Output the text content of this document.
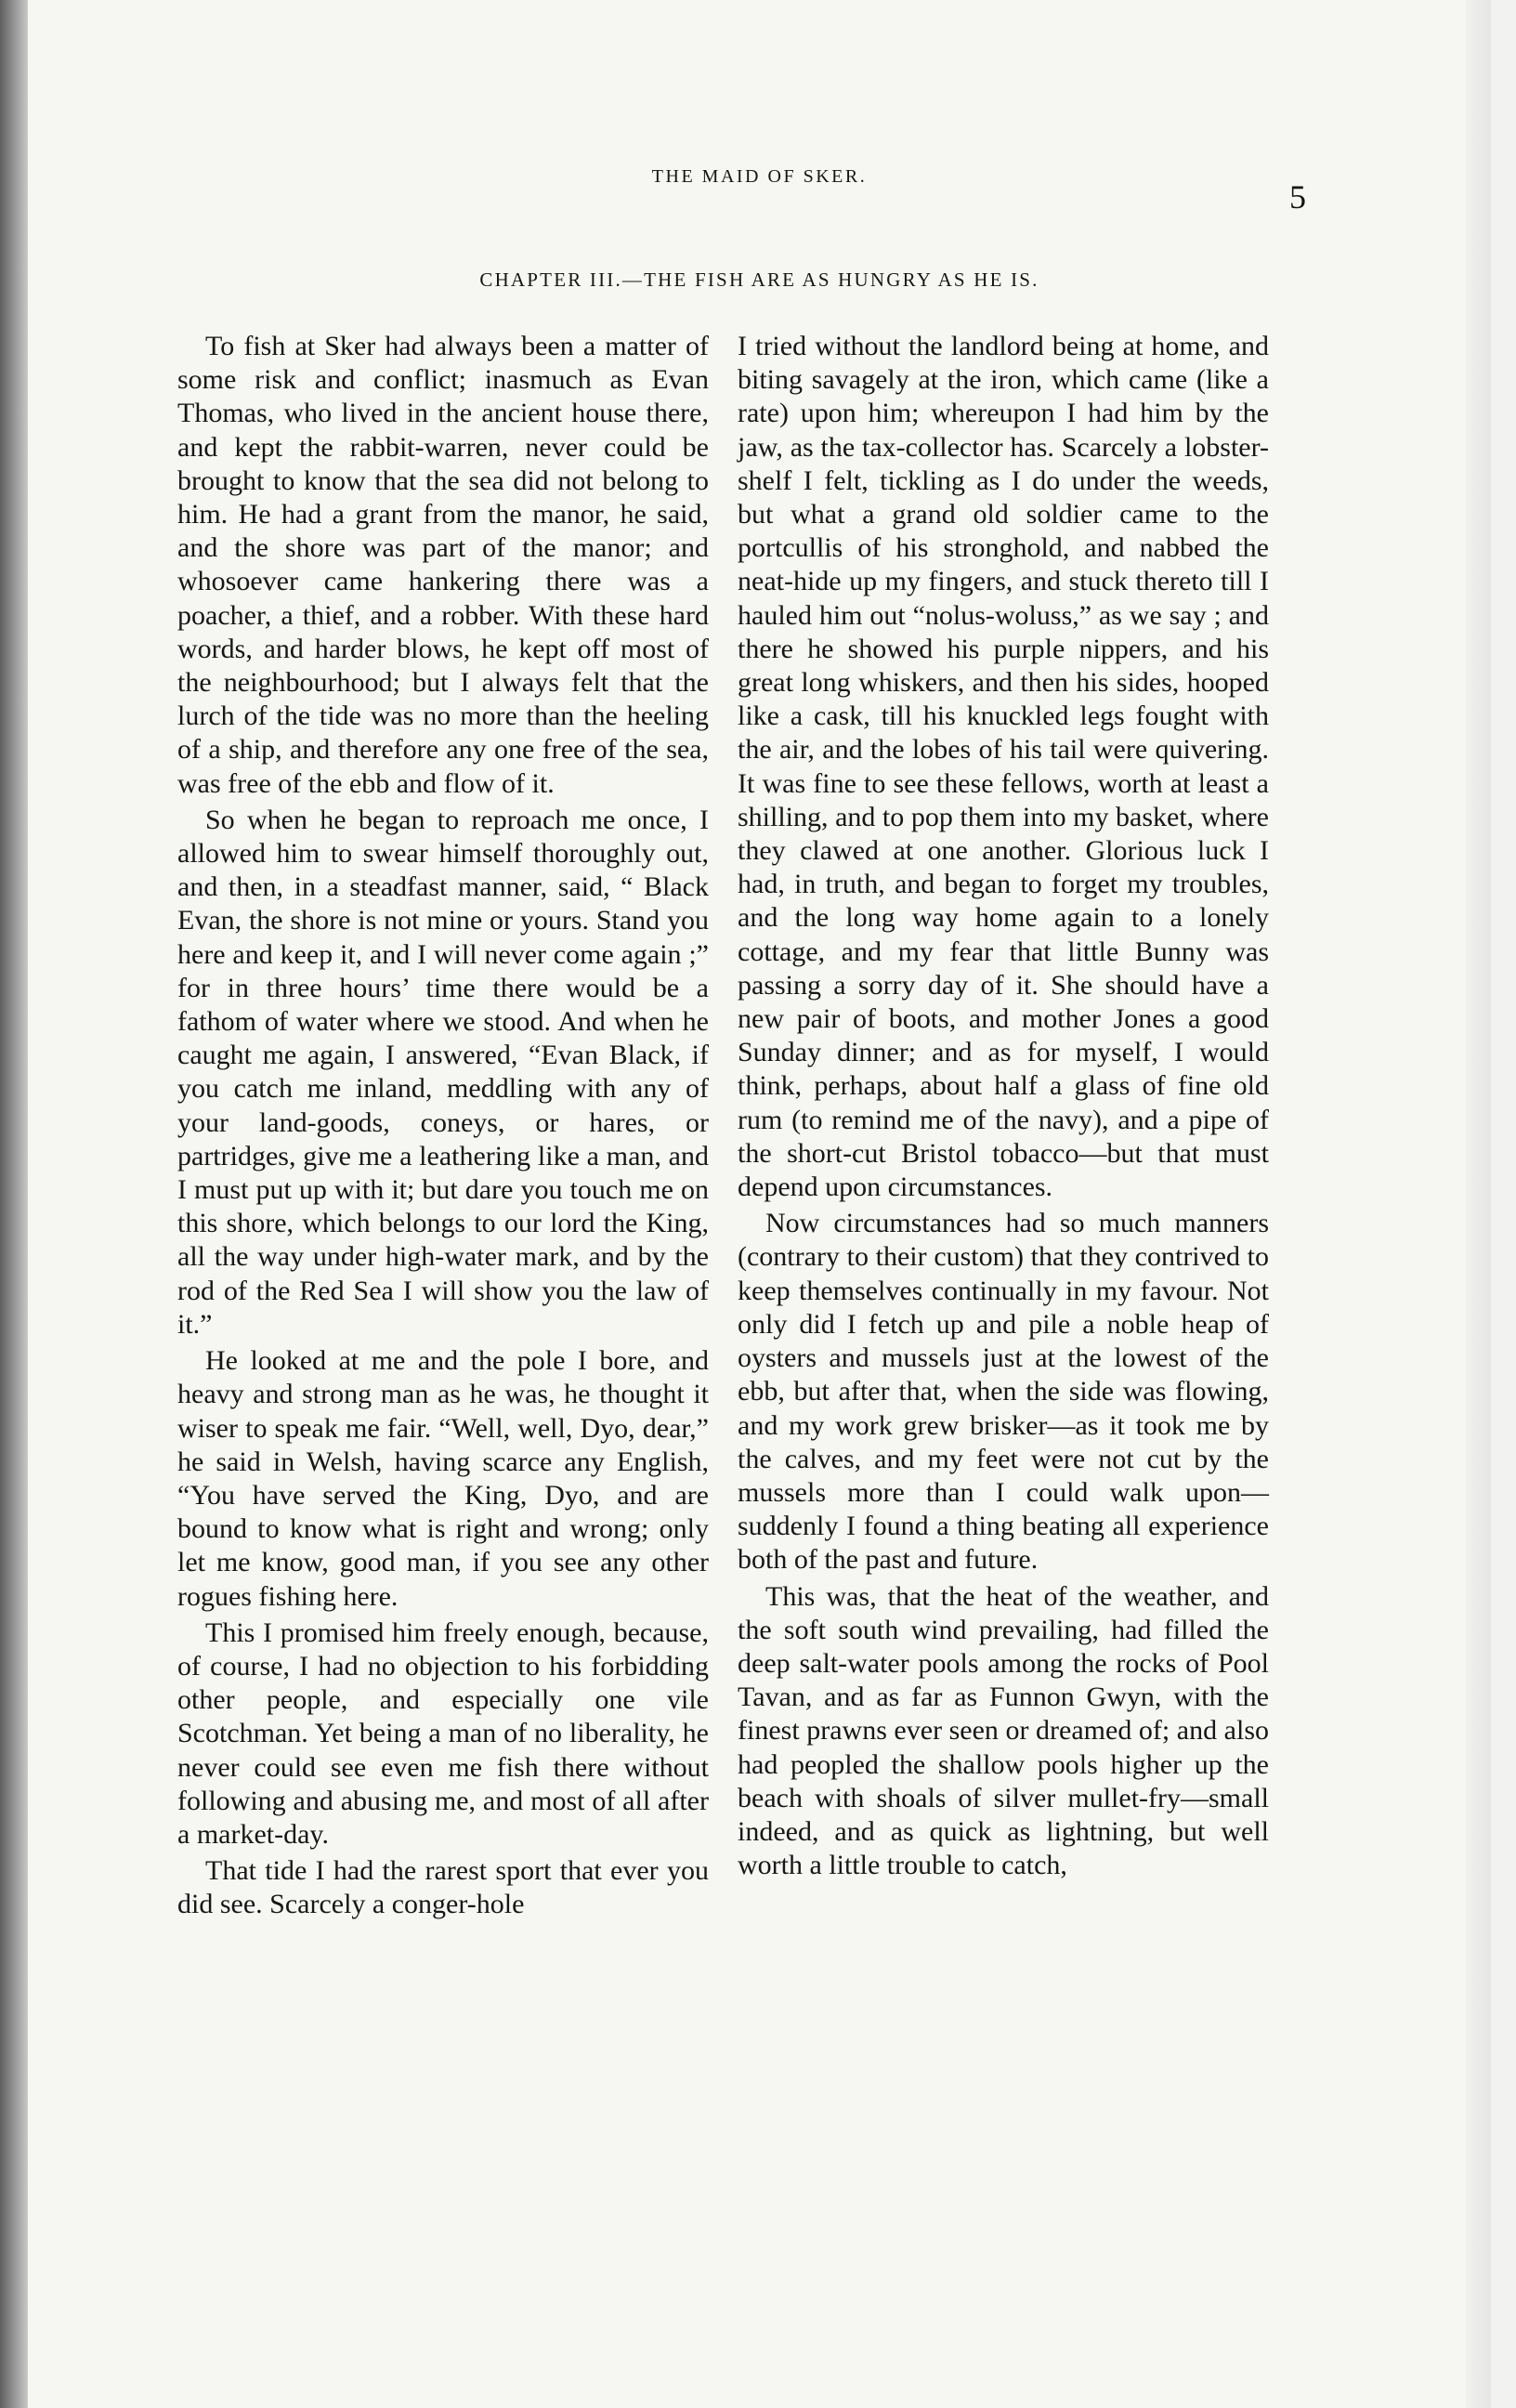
THE MAID OF SKER.
5
CHAPTER III.—THE FISH ARE AS HUNGRY AS HE IS.

To fish at Sker had always been a matter of some risk and conflict; inasmuch as Evan Thomas, who lived in the ancient house there, and kept the rabbit-warren, never could be brought to know that the sea did not belong to him. He had a grant from the manor, he said, and the shore was part of the manor; and whosoever came hankering there was a poacher, a thief, and a robber. With these hard words, and harder blows, he kept off most of the neighbourhood; but I always felt that the lurch of the tide was no more than the heeling of a ship, and therefore any one free of the sea, was free of the ebb and flow of it.

So when he began to reproach me once, I allowed him to swear himself thoroughly out, and then, in a steadfast manner, said, “ Black Evan, the shore is not mine or yours. Stand you here and keep it, and I will never come again ;” for in three hours’ time there would be a fathom of water where we stood. And when he caught me again, I answered, “Evan Black, if you catch me inland, meddling with any of your land-goods, coneys, or hares, or partridges, give me a leathering like a man, and I must put up with it; but dare you touch me on this shore, which belongs to our lord the King, all the way under high-water mark, and by the rod of the Red Sea I will show you the law of it.”

He looked at me and the pole I bore, and heavy and strong man as he was, he thought it wiser to speak me fair. “Well, well, Dyo, dear,” he said in Welsh, having scarce any English, “You have served the King, Dyo, and are bound to know what is right and wrong; only let me know, good man, if you see any other rogues fishing here.

This I promised him freely enough, because, of course, I had no objection to his forbidding other people, and especially one vile Scotchman. Yet being a man of no liberality, he never could see even me fish there without following and abusing me, and most of all after a market-day.

That tide I had the rarest sport that ever you did see. Scarcely a conger-hole

I tried without the landlord being at home, and biting savagely at the iron, which came (like a rate) upon him; whereupon I had him by the jaw, as the tax-collector has. Scarcely a lobster-shelf I felt, tickling as I do under the weeds, but what a grand old soldier came to the portcullis of his stronghold, and nabbed the neat-hide up my fingers, and stuck thereto till I hauled him out “nolus-woluss,” as we say ; and there he showed his purple nippers, and his great long whiskers, and then his sides, hooped like a cask, till his knuckled legs fought with the air, and the lobes of his tail were quivering. It was fine to see these fellows, worth at least a shilling, and to pop them into my basket, where they clawed at one another. Glorious luck I had, in truth, and began to forget my troubles, and the long way home again to a lonely cottage, and my fear that little Bunny was passing a sorry day of it. She should have a new pair of boots, and mother Jones a good Sunday dinner; and as for myself, I would think, perhaps, about half a glass of fine old rum (to remind me of the navy), and a pipe of the short-cut Bristol tobacco—but that must depend upon circumstances.

Now circumstances had so much manners (contrary to their custom) that they contrived to keep themselves continually in my favour. Not only did I fetch up and pile a noble heap of oysters and mussels just at the lowest of the ebb, but after that, when the side was flowing, and my work grew brisker—as it took me by the calves, and my feet were not cut by the mussels more than I could walk upon—suddenly I found a thing beating all experience both of the past and future.

This was, that the heat of the weather, and the soft south wind prevailing, had filled the deep salt-water pools among the rocks of Pool Tavan, and as far as Funnon Gwyn, with the finest prawns ever seen or dreamed of; and also had peopled the shallow pools higher up the beach with shoals of silver mullet-fry—small indeed, and as quick as lightning, but well worth a little trouble to catch,
